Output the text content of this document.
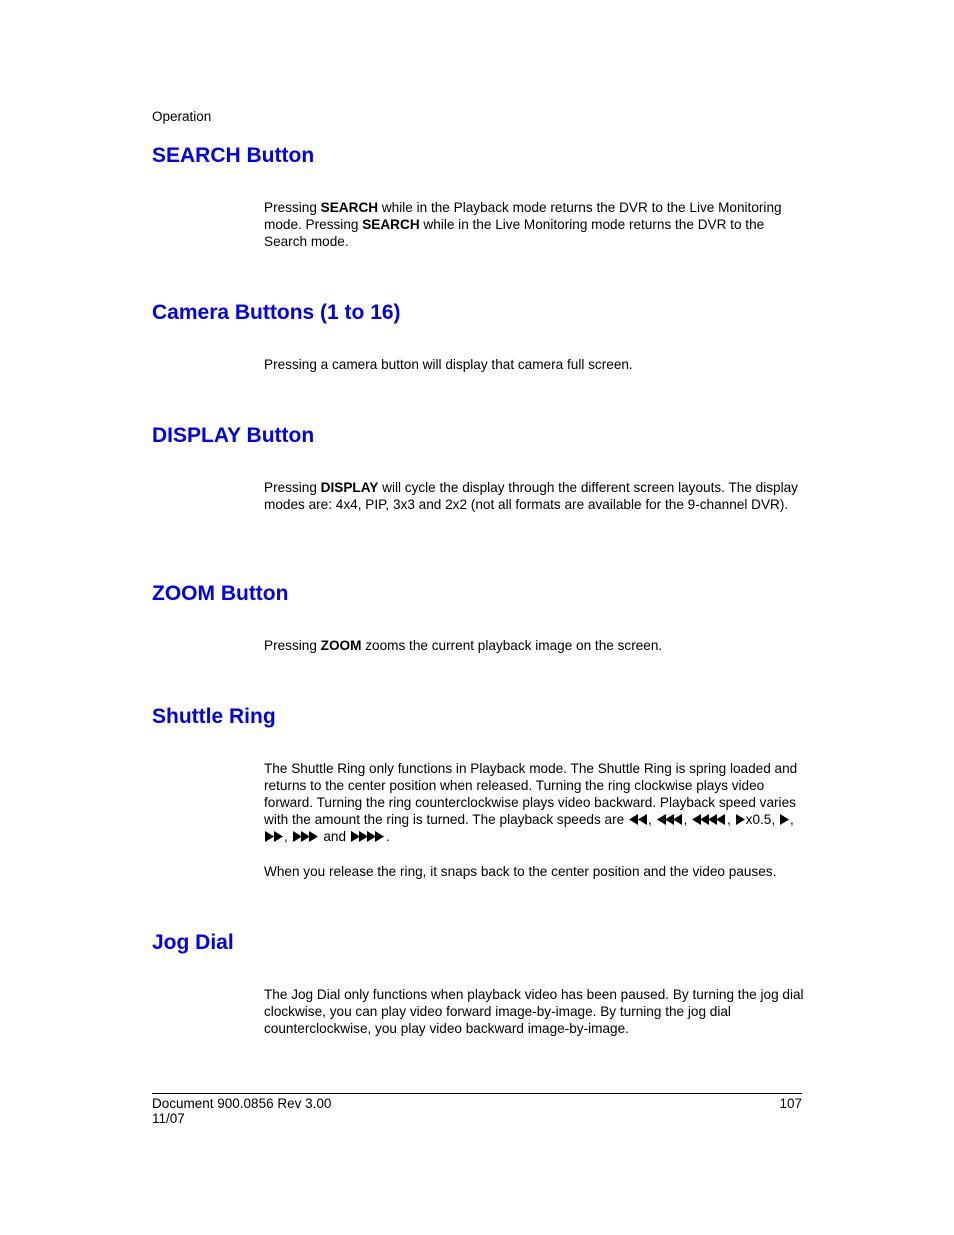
Operation
SEARCH Button

Pressing SEARCH while in the Playback mode returns the DVR to the Live Monitoring mode. Pressing SEARCH while in the Live Monitoring mode returns the DVR to the Search mode.

Camera Buttons (1 to 16)

Pressing a camera button will display that camera full screen.

DISPLAY Button

Pressing DISPLAY will cycle the display through the different screen layouts. The display modes are: 4x4, PIP, 3x3 and 2x2 (not all formats are available for the 9-channel DVR).

ZOOM Button

Pressing ZOOM zooms the current playback image on the screen.

Shuttle Ring

The Shuttle Ring only functions in Playback mode. The Shuttle Ring is spring loaded and returns to the center position when released. Turning the ring clockwise plays video forward. Turning the ring counterclockwise plays video backward. Playback speed varies with the amount the ring is turned. The playback speeds are ,
,	,
x0.5, ,
,
and	.

When you release the ring, it snaps back to the center position and the video pauses.

Jog Dial

The Jog Dial only functions when playback video has been paused. By turning the jog dial clockwise, you can play video forward image-by-image. By turning the jog dial counterclockwise, you play video backward image-by-image.

Document 900.0856 Rev 3.00
11/07
107
